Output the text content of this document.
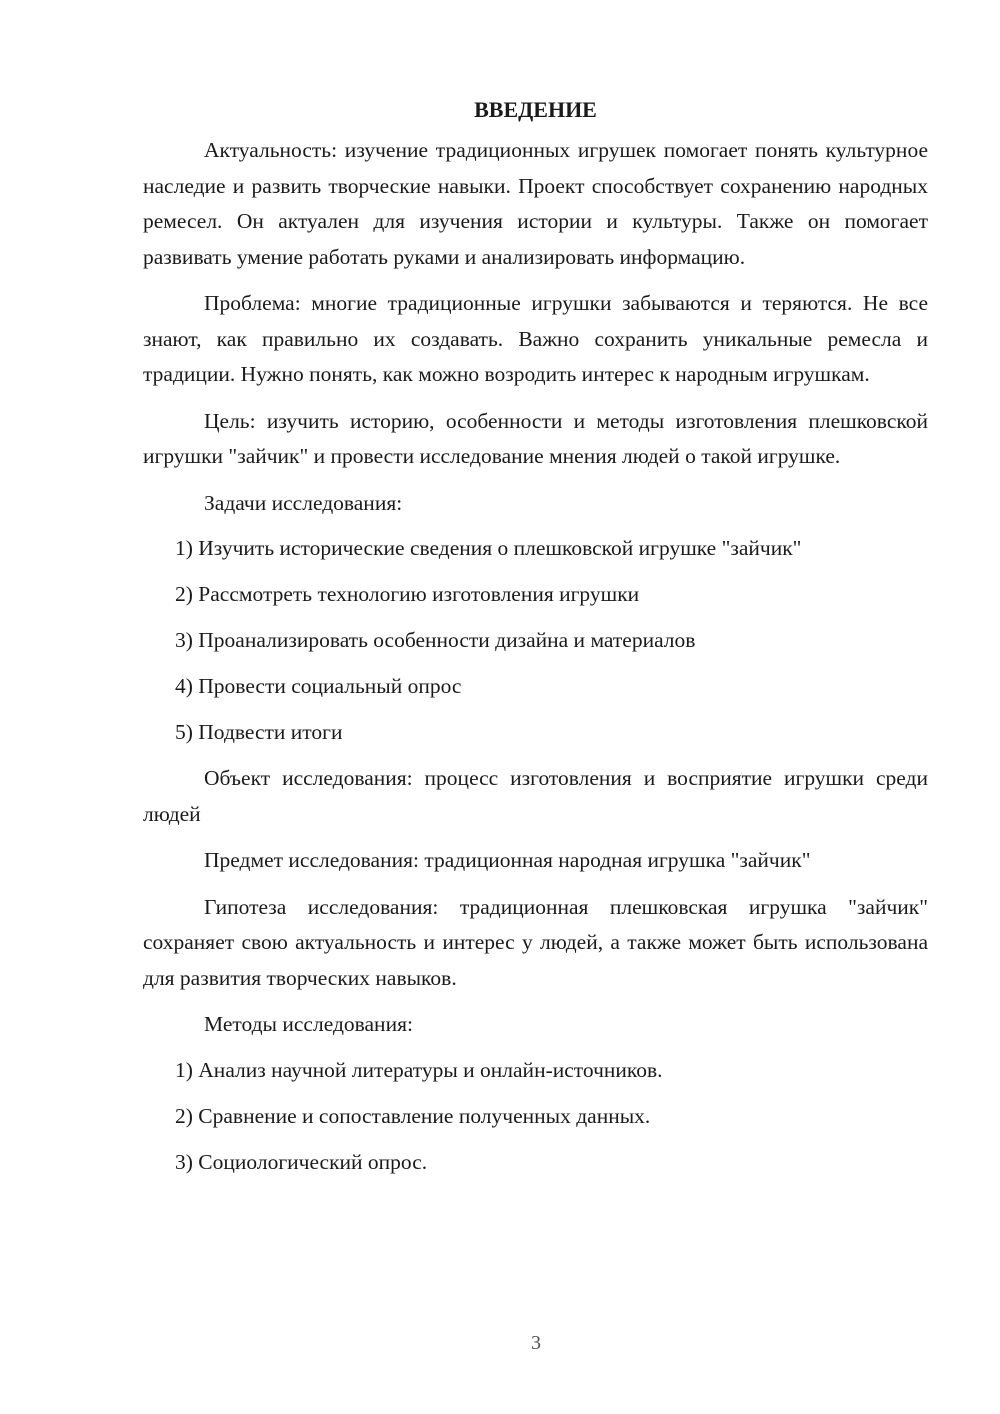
ВВЕДЕНИЕ

Актуальность: изучение традиционных игрушек помогает понять культурное наследие и развить творческие навыки. Проект способствует сохранению народных ремесел. Он актуален для изучения истории и культуры. Также он помогает развивать умение работать руками и анализировать информацию.

Проблема: многие традиционные игрушки забываются и теряются. Не все знают, как правильно их создавать. Важно сохранить уникальные ремесла и традиции. Нужно понять, как можно возродить интерес к народным игрушкам.

Цель: изучить историю, особенности и методы изготовления плешковской игрушки "зайчик" и провести исследование мнения людей о такой игрушке.

Задачи исследования:
1) Изучить исторические сведения о плешковской игрушке "зайчик"
2) Рассмотреть технологию изготовления игрушки
3) Проанализировать особенности дизайна и материалов
4) Провести социальный опрос
5) Подвести итоги

Объект исследования: процесс изготовления и восприятие игрушки среди людей

Предмет исследования: традиционная народная игрушка "зайчик"

Гипотеза исследования: традиционная плешковская игрушка "зайчик" сохраняет свою актуальность и интерес у людей, а также может быть использована для развития творческих навыков.

Методы исследования:
1) Анализ научной литературы и онлайн-источников.
2) Сравнение и сопоставление полученных данных.
3) Социологический опрос.
3
